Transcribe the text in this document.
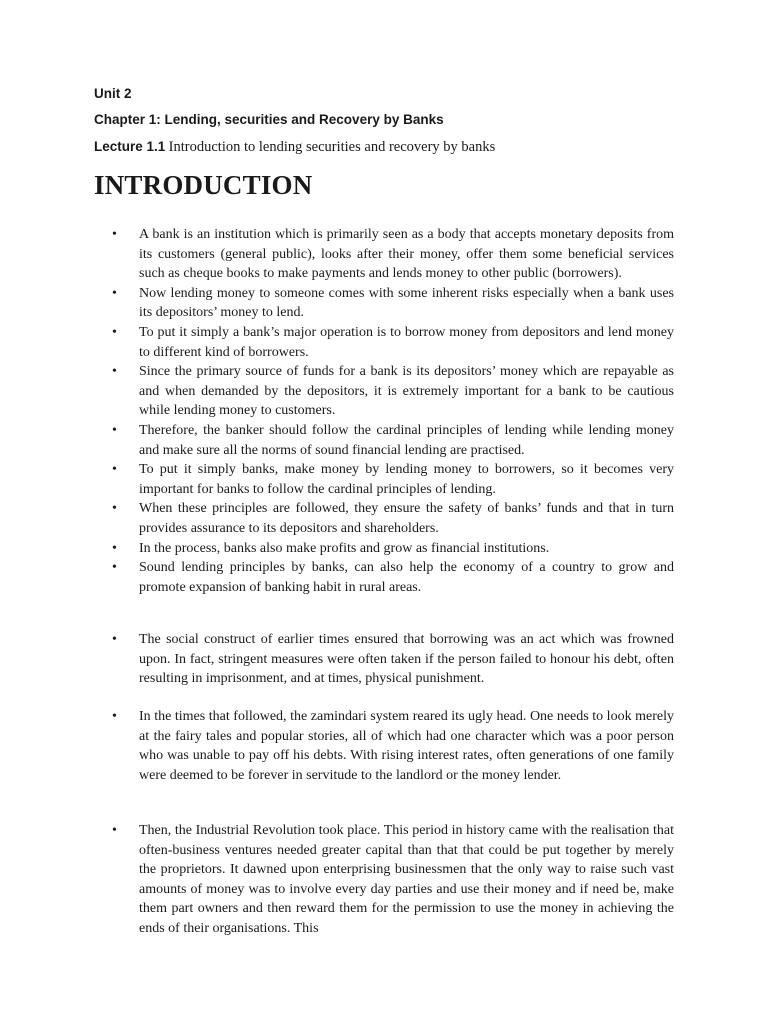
Unit 2

Chapter 1: Lending, securities and Recovery by Banks

Lecture 1.1 Introduction to lending securities and recovery by banks

INTRODUCTION
• A bank is an institution which is primarily seen as a body that accepts monetary deposits from its customers (general public), looks after their money, offer them some beneficial services such as cheque books to make payments and lends money to other public (borrowers).
• Now lending money to someone comes with some inherent risks especially when a bank uses its depositors’ money to lend.
• To put it simply a bank’s major operation is to borrow money from depositors and lend money to different kind of borrowers.
• Since the primary source of funds for a bank is its depositors’ money which are repayable as and when demanded by the depositors, it is extremely important for a bank to be cautious while lending money to customers.
• Therefore, the banker should follow the cardinal principles of lending while lending money and make sure all the norms of sound financial lending are practised.
• To put it simply banks, make money by lending money to borrowers, so it becomes very important for banks to follow the cardinal principles of lending.
• When these principles are followed, they ensure the safety of banks’ funds and that in turn provides assurance to its depositors and shareholders.
• In the process, banks also make profits and grow as financial institutions.
• Sound lending principles by banks, can also help the economy of a country to grow and promote expansion of banking habit in rural areas.
• The social construct of earlier times ensured that borrowing was an act which was frowned upon. In fact, stringent measures were often taken if the person failed to honour his debt, often resulting in imprisonment, and at times, physical punishment.
• In the times that followed, the zamindari system reared its ugly head. One needs to look merely at the fairy tales and popular stories, all of which had one character which was a poor person who was unable to pay off his debts. With rising interest rates, often generations of one family were deemed to be forever in servitude to the landlord or the money lender.
• Then, the Industrial Revolution took place. This period in history came with the realisation that often-business ventures needed greater capital than that that could be put together by merely the proprietors. It dawned upon enterprising businessmen that the only way to raise such vast amounts of money was to involve every day parties and use their money and if need be, make them part owners and then reward them for the permission to use the money in achieving the ends of their organisations. This
